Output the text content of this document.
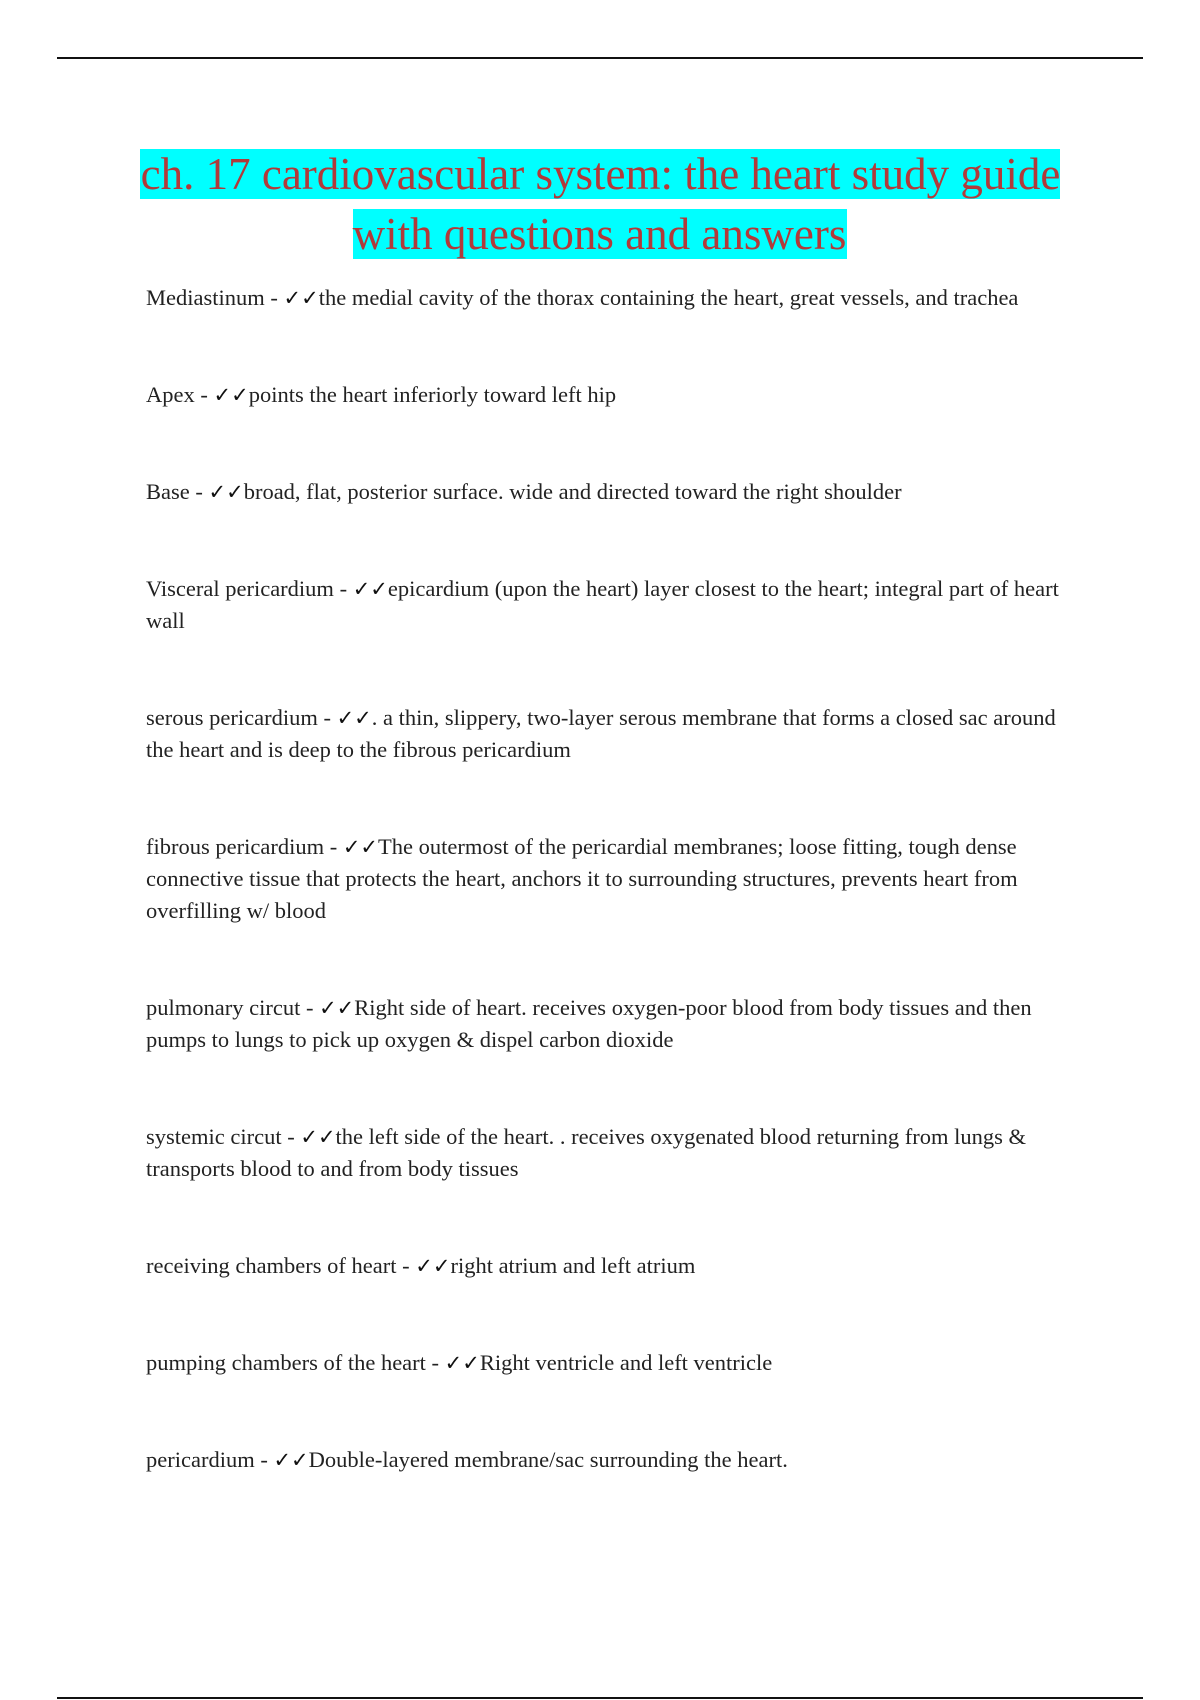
ch. 17 cardiovascular system: the heart study guide with questions and answers
Mediastinum - ✓✓the medial cavity of the thorax containing the heart, great vessels, and trachea
Apex - ✓✓points the heart inferiorly toward left hip
Base - ✓✓broad, flat, posterior surface. wide and directed toward the right shoulder
Visceral pericardium - ✓✓epicardium (upon the heart) layer closest to the heart; integral part of heart wall
serous pericardium - ✓✓. a thin, slippery, two-layer serous membrane that forms a closed sac around the heart and is deep to the fibrous pericardium
fibrous pericardium - ✓✓The outermost of the pericardial membranes; loose fitting, tough dense connective tissue that protects the heart, anchors it to surrounding structures, prevents heart from overfilling w/ blood
pulmonary circut - ✓✓Right side of heart. receives oxygen-poor blood from body tissues and then pumps to lungs to pick up oxygen & dispel carbon dioxide
systemic circut - ✓✓the left side of the heart. . receives oxygenated blood returning from lungs & transports blood to and from body tissues
receiving chambers of heart - ✓✓right atrium and left atrium
pumping chambers of the heart - ✓✓Right ventricle and left ventricle
pericardium - ✓✓Double-layered membrane/sac surrounding the heart.
